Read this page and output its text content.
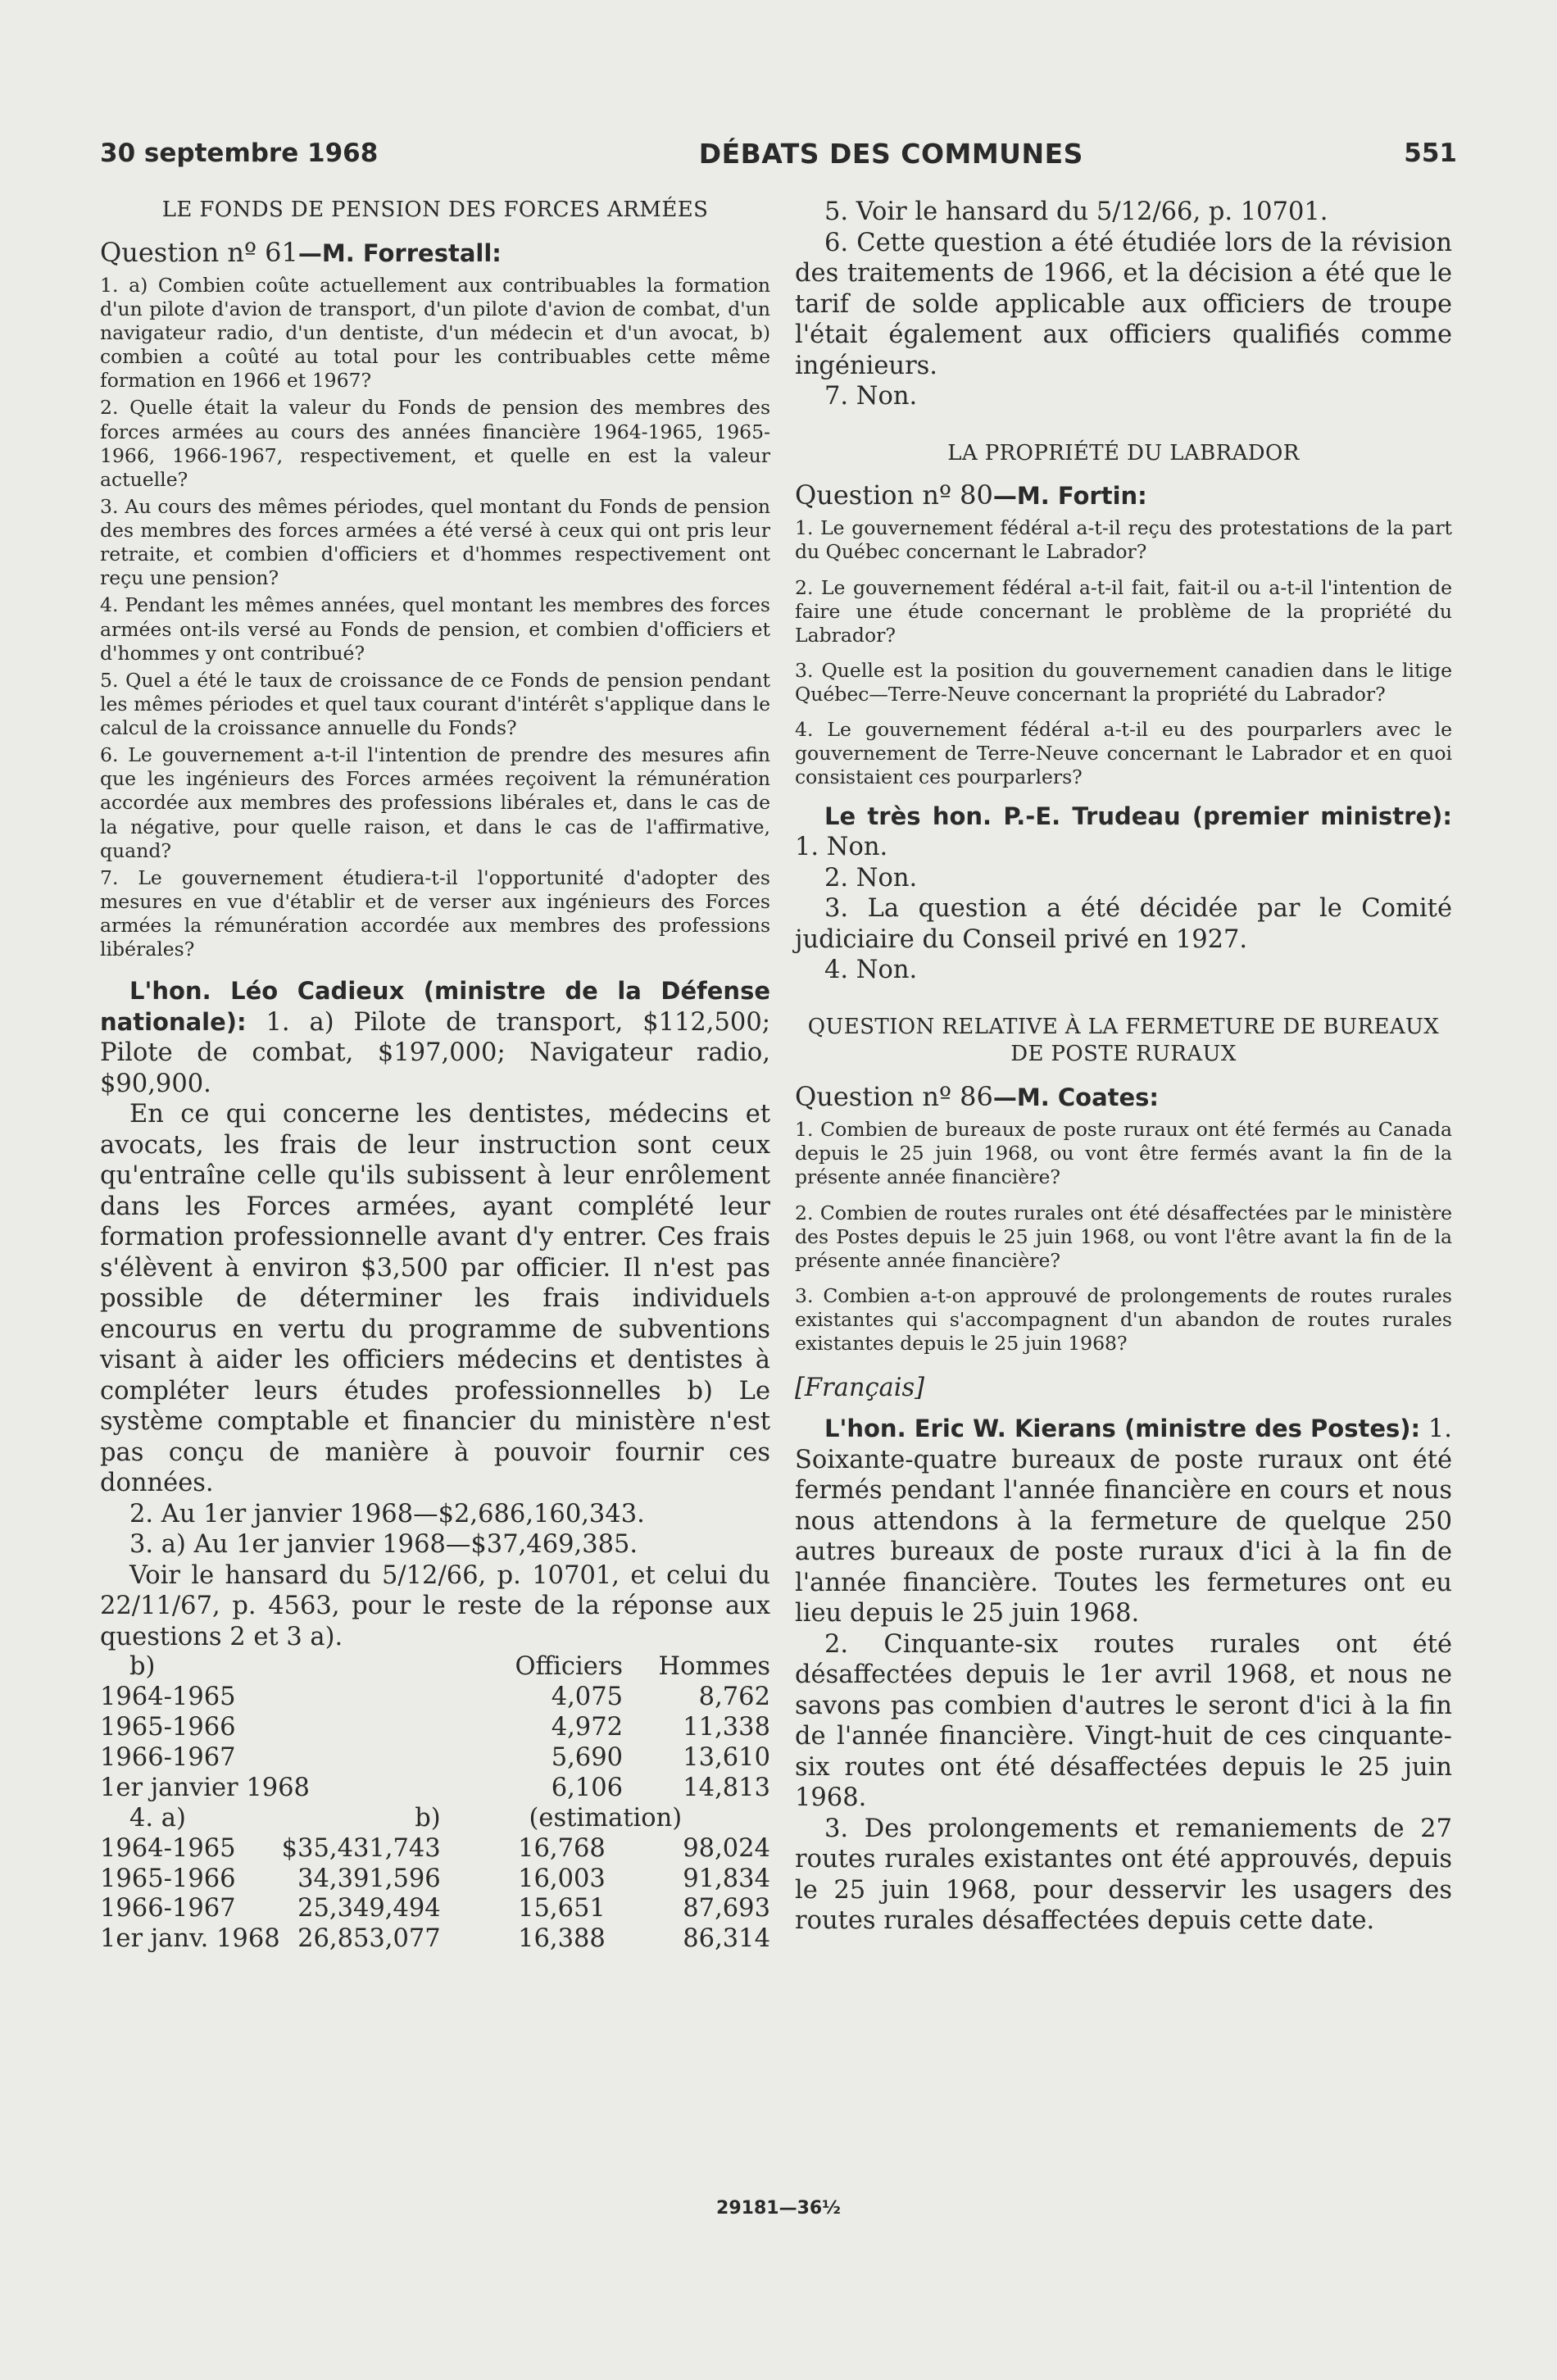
30 septembre 1968	DÉBATS DES COMMUNES	551
LE FONDS DE PENSION DES FORCES ARMÉES
Question nº 61—M. Forrestall:

1. a) Combien coûte actuellement aux contribuables la formation d'un pilote d'avion de transport, d'un pilote d'avion de combat, d'un navigateur radio, d'un dentiste, d'un médecin et d'un avocat, b) combien a coûté au total pour les contribuables cette même formation en 1966 et 1967?

2. Quelle était la valeur du Fonds de pension des membres des forces armées au cours des années financière 1964-1965, 1965-1966, 1966-1967, respectivement, et quelle en est la valeur actuelle?

3. Au cours des mêmes périodes, quel montant du Fonds de pension des membres des forces armées a été versé à ceux qui ont pris leur retraite, et combien d'officiers et d'hommes respectivement ont reçu une pension?

4. Pendant les mêmes années, quel montant les membres des forces armées ont-ils versé au Fonds de pension, et combien d'officiers et d'hommes y ont contribué?

5. Quel a été le taux de croissance de ce Fonds de pension pendant les mêmes périodes et quel taux courant d'intérêt s'applique dans le calcul de la croissance annuelle du Fonds?

6. Le gouvernement a-t-il l'intention de prendre des mesures afin que les ingénieurs des Forces armées reçoivent la rémunération accordée aux membres des professions libérales et, dans le cas de la négative, pour quelle raison, et dans le cas de l'affirmative, quand?

7. Le gouvernement étudiera-t-il l'opportunité d'adopter des mesures en vue d'établir et de verser aux ingénieurs des Forces armées la rémunération accordée aux membres des professions libérales?

L'hon. Léo Cadieux (ministre de la Défense nationale): 1. a) Pilote de transport, $112,500; Pilote de combat, $197,000; Navigateur radio, $90,900.

En ce qui concerne les dentistes, médecins et avocats, les frais de leur instruction sont ceux qu'entraîne celle qu'ils subissent à leur enrôlement dans les Forces armées, ayant complété leur formation professionnelle avant d'y entrer. Ces frais s'élèvent à environ $3,500 par officier. Il n'est pas possible de déterminer les frais individuels encourus en vertu du programme de subventions visant à aider les officiers médecins et dentistes à compléter leurs études professionnelles b) Le système comptable et financier du ministère n'est pas conçu de manière à pouvoir fournir ces données.

2. Au 1er janvier 1968—$2,686,160,343.

3. a) Au 1er janvier 1968—$37,469,385.

Voir le hansard du 5/12/66, p. 10701, et celui du 22/11/67, p. 4563, pour le reste de la réponse aux questions 2 et 3 a).

b)		Officiers	Hommes
1964-1965		4,075	8,762
1965-1966		4,972	11,338
1966-1967		5,690	13,610
1er janvier 1968		6,106	14,813
4. a)	b)	(estimation)	
1964-1965	$35,431,743	16,768	98,024
1965-1966	34,391,596	16,003	91,834
1966-1967	25,349,494	15,651	87,693
1er janv. 1968	26,853,077	16,388	86,314

5. Voir le hansard du 5/12/66, p. 10701.

6. Cette question a été étudiée lors de la révision des traitements de 1966, et la décision a été que le tarif de solde applicable aux officiers de troupe l'était également aux officiers qualifiés comme ingénieurs.

7. Non.

LA PROPRIÉTÉ DU LABRADOR
Question nº 80—M. Fortin:

1. Le gouvernement fédéral a-t-il reçu des protestations de la part du Québec concernant le Labrador?

2. Le gouvernement fédéral a-t-il fait, fait-il ou a-t-il l'intention de faire une étude concernant le problème de la propriété du Labrador?

3. Quelle est la position du gouvernement canadien dans le litige Québec—Terre-Neuve concernant la propriété du Labrador?

4. Le gouvernement fédéral a-t-il eu des pourparlers avec le gouvernement de Terre-Neuve concernant le Labrador et en quoi consistaient ces pourparlers?

Le très hon. P.-E. Trudeau (premier ministre): 1. Non.

2. Non.

3. La question a été décidée par le Comité judiciaire du Conseil privé en 1927.

4. Non.

QUESTION RELATIVE À LA FERMETURE DE BUREAUX DE POSTE RURAUX
Question nº 86—M. Coates:

1. Combien de bureaux de poste ruraux ont été fermés au Canada depuis le 25 juin 1968, ou vont être fermés avant la fin de la présente année financière?

2. Combien de routes rurales ont été désaffectées par le ministère des Postes depuis le 25 juin 1968, ou vont l'être avant la fin de la présente année financière?

3. Combien a-t-on approuvé de prolongements de routes rurales existantes qui s'accompagnent d'un abandon de routes rurales existantes depuis le 25 juin 1968?

[Français]

L'hon. Eric W. Kierans (ministre des Postes): 1. Soixante-quatre bureaux de poste ruraux ont été fermés pendant l'année financière en cours et nous nous attendons à la fermeture de quelque 250 autres bureaux de poste ruraux d'ici à la fin de l'année financière. Toutes les fermetures ont eu lieu depuis le 25 juin 1968.

2. Cinquante-six routes rurales ont été désaffectées depuis le 1er avril 1968, et nous ne savons pas combien d'autres le seront d'ici à la fin de l'année financière. Vingt-huit de ces cinquante-six routes ont été désaffectées depuis le 25 juin 1968.

3. Des prolongements et remaniements de 27 routes rurales existantes ont été approuvés, depuis le 25 juin 1968, pour desservir les usagers des routes rurales désaffectées depuis cette date.

29181—36½
